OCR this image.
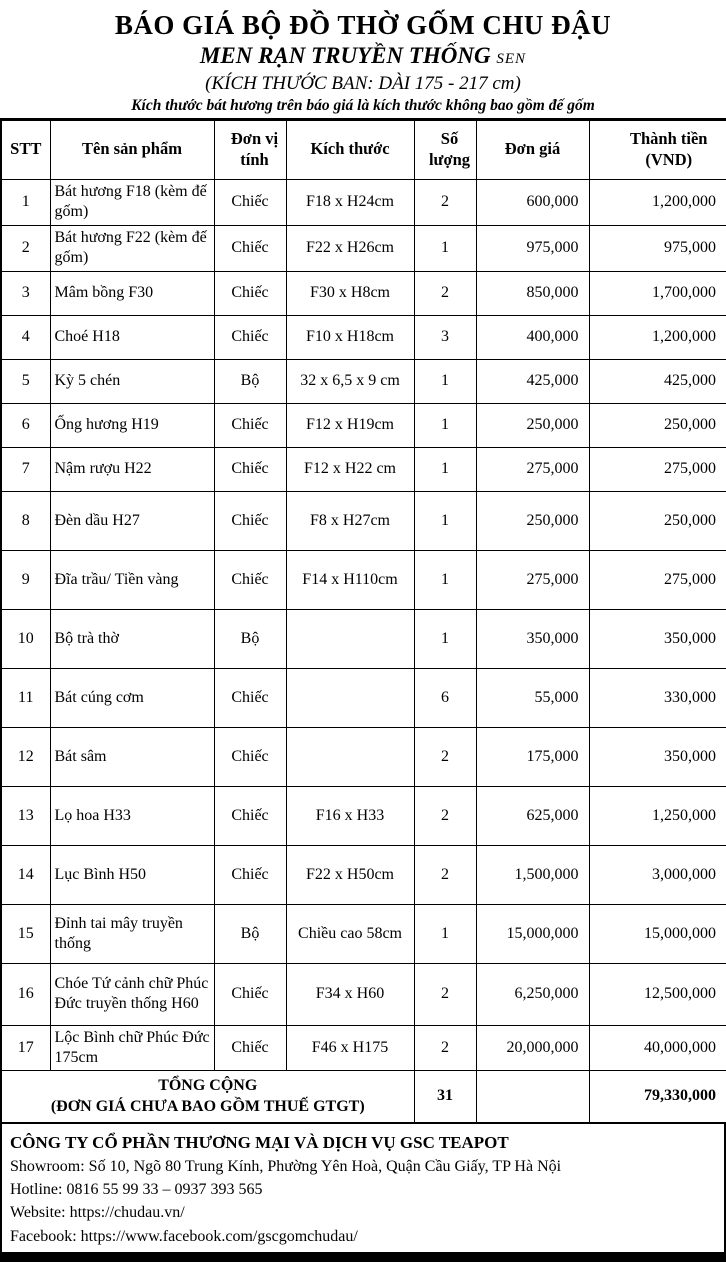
BÁO GIÁ BỘ ĐỒ THỜ GỐM CHU ĐẬU
MEN RẠN TRUYỀN THỐNG SEN
(KÍCH THƯỚC BAN: DÀI 175 - 217 cm)
Kích thước bát hương trên báo giá là kích thước không bao gồm đế gốm
STT	Tên sản phẩm	Đơn vị tính	Kích thước	Số lượng	Đơn giá	Thành tiền (VND)
1	Bát hương F18 (kèm đế gốm)	Chiếc	F18 x H24cm	2	600,000	1,200,000
2	Bát hương F22 (kèm đế gốm)	Chiếc	F22 x H26cm	1	975,000	975,000
3	Mâm bồng F30	Chiếc	F30 x H8cm	2	850,000	1,700,000
4	Choé H18	Chiếc	F10 x H18cm	3	400,000	1,200,000
5	Kỳ 5 chén	Bộ	32 x 6,5 x 9 cm	1	425,000	425,000
6	Ống hương H19	Chiếc	F12 x H19cm	1	250,000	250,000
7	Nậm rượu H22	Chiếc	F12 x H22 cm	1	275,000	275,000
8	Đèn dầu H27	Chiếc	F8 x H27cm	1	250,000	250,000
9	Đĩa trầu/ Tiền vàng	Chiếc	F14 x H110cm	1	275,000	275,000
10	Bộ trà thờ	Bộ		1	350,000	350,000
11	Bát cúng cơm	Chiếc		6	55,000	330,000
12	Bát sâm	Chiếc		2	175,000	350,000
13	Lọ hoa H33	Chiếc	F16 x H33	2	625,000	1,250,000
14	Lục Bình H50	Chiếc	F22 x H50cm	2	1,500,000	3,000,000
15	Đỉnh tai mây truyền thống	Bộ	Chiều cao 58cm	1	15,000,000	15,000,000
16	Chóe Tứ cảnh chữ Phúc Đức truyền thống H60	Chiếc	F34 x H60	2	6,250,000	12,500,000
17	Lộc Bình chữ Phúc Đức 175cm	Chiếc	F46 x H175	2	20,000,000	40,000,000

TỔNG CỘNG
(ĐƠN GIÁ CHƯA BAO GỒM THUẾ GTGT)				31		79,330,000
CÔNG TY CỔ PHẦN THƯƠNG MẠI VÀ DỊCH VỤ GSC TEAPOT
Showroom: Số 10, Ngõ 80 Trung Kính, Phường Yên Hoà, Quận Cầu Giấy, TP Hà Nội
Hotline: 0816 55 99 33 – 0937 393 565
Website: https://chudau.vn/
Facebook: https://www.facebook.com/gscgomchudau/
